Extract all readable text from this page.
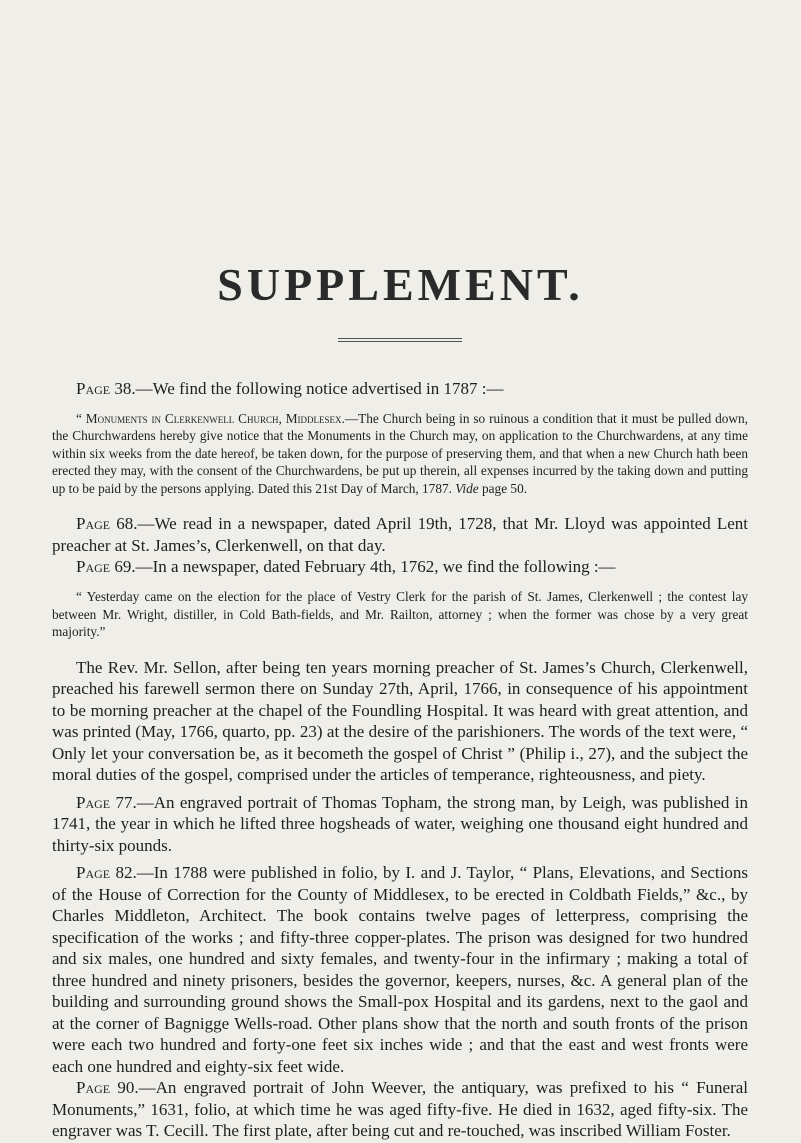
SUPPLEMENT.

Page 38.—We find the following notice advertised in 1787 :—

“ Monuments in Clerkenwell Church, Middlesex.—The Church being in so ruinous a condition that it must be pulled down, the Churchwardens hereby give notice that the Monuments in the Church may, on application to the Churchwardens, at any time within six weeks from the date hereof, be taken down, for the purpose of preserving them, and that when a new Church hath been erected they may, with the consent of the Churchwardens, be put up therein, all expenses incurred by the taking down and putting up to be paid by the persons applying. Dated this 21st Day of March, 1787. Vide page 50.

Page 68.—We read in a newspaper, dated April 19th, 1728, that Mr. Lloyd was appointed Lent preacher at St. James’s, Clerkenwell, on that day.

Page 69.—In a newspaper, dated February 4th, 1762, we find the following :—

“ Yesterday came on the election for the place of Vestry Clerk for the parish of St. James, Clerkenwell ; the contest lay between Mr. Wright, distiller, in Cold Bath-fields, and Mr. Railton, attorney ; when the former was chose by a very great majority.”

The Rev. Mr. Sellon, after being ten years morning preacher of St. James’s Church, Clerkenwell, preached his farewell sermon there on Sunday 27th, April, 1766, in consequence of his appointment to be morning preacher at the chapel of the Foundling Hospital. It was heard with great attention, and was printed (May, 1766, quarto, pp. 23) at the desire of the parishioners. The words of the text were, “ Only let your conversation be, as it becometh the gospel of Christ ” (Philip i., 27), and the subject the moral duties of the gospel, comprised under the articles of temperance, righteousness, and piety.

Page 77.—An engraved portrait of Thomas Topham, the strong man, by Leigh, was published in 1741, the year in which he lifted three hogsheads of water, weighing one thousand eight hundred and thirty-six pounds.

Page 82.—In 1788 were published in folio, by I. and J. Taylor, “ Plans, Elevations, and Sections of the House of Correction for the County of Middlesex, to be erected in Coldbath Fields,” &c., by Charles Middleton, Architect. The book contains twelve pages of letterpress, comprising the specification of the works ; and fifty-three copper-plates. The prison was designed for two hundred and six males, one hundred and sixty females, and twenty-four in the infirmary ; making a total of three hundred and ninety prisoners, besides the governor, keepers, nurses, &c. A general plan of the building and surrounding ground shows the Small-pox Hospital and its gardens, next to the gaol and at the corner of Bagnigge Wells-road. Other plans show that the north and south fronts of the prison were each two hundred and forty-one feet six inches wide ; and that the east and west fronts were each one hundred and eighty-six feet wide.

Page 90.—An engraved portrait of John Weever, the antiquary, was prefixed to his “ Funeral Monuments,” 1631, folio, at which time he was aged fifty-five. He died in 1632, aged fifty-six. The engraver was T. Cecill. The first plate, after being cut and re-touched, was inscribed William Foster.
